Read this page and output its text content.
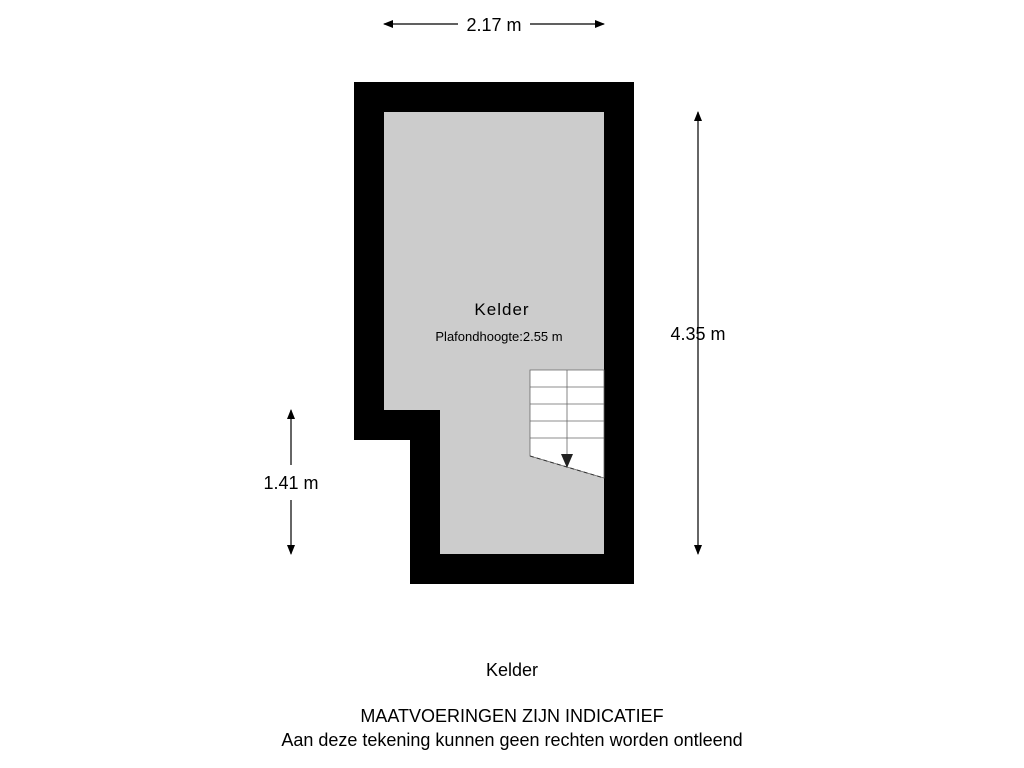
2.17 m
4.35 m
1.41 m
Kelder
Plafondhoogte:2.55 m

Kelder

MAATVOERINGEN ZIJN INDICATIEF

Aan deze tekening kunnen geen rechten worden ontleend
